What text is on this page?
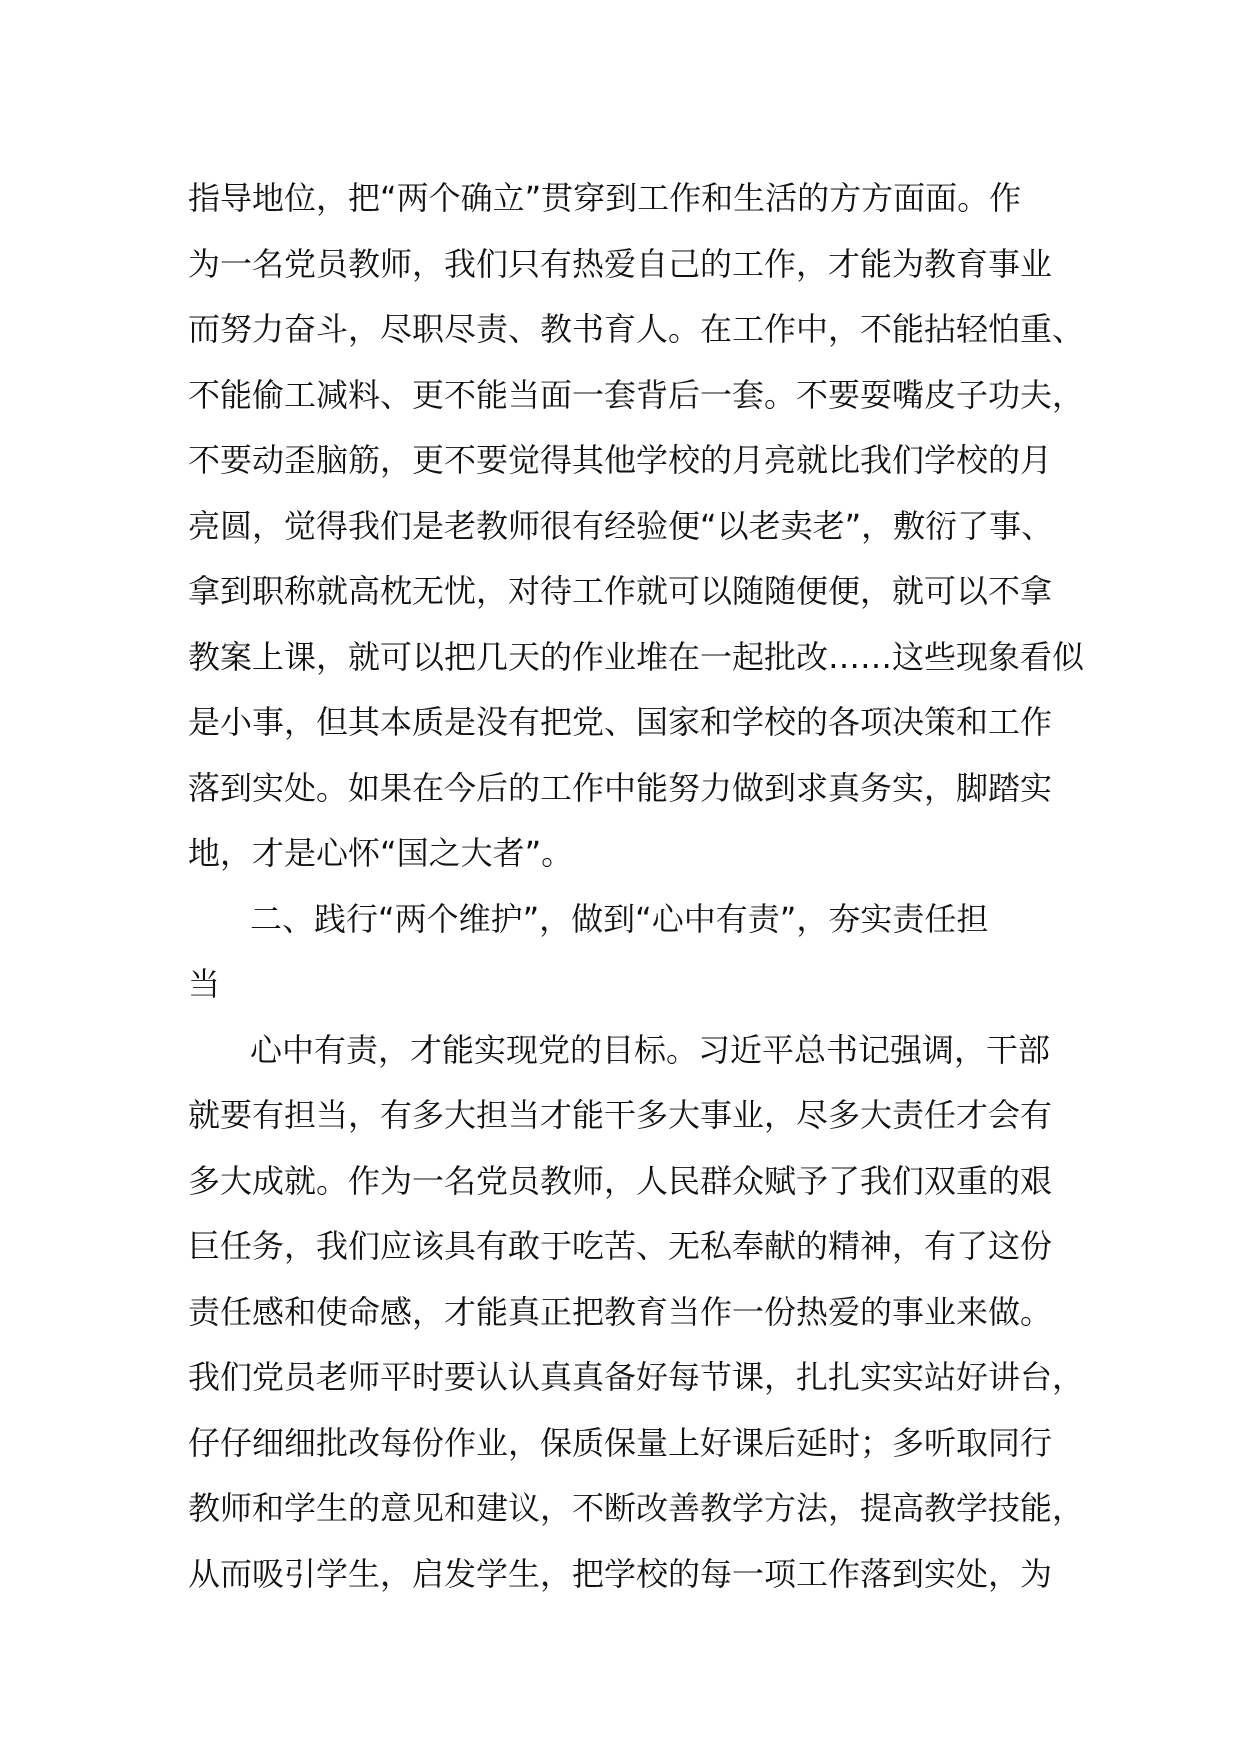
指导地位，把“两个确立”贯穿到工作和生活的方方面面。作
为一名党员教师，我们只有热爱自己的工作，才能为教育事业
而努力奋斗，尽职尽责、教书育人。在工作中，不能拈轻怕重、
不能偷工减料、更不能当面一套背后一套。不要耍嘴皮子功夫，
不要动歪脑筋，更不要觉得其他学校的月亮就比我们学校的月
亮圆，觉得我们是老教师很有经验便“以老卖老”，敷衍了事、
拿到职称就高枕无忧，对待工作就可以随随便便，就可以不拿
教案上课，就可以把几天的作业堆在一起批改……这些现象看似
是小事，但其本质是没有把党、国家和学校的各项决策和工作
落到实处。如果在今后的工作中能努力做到求真务实，脚踏实
地，才是心怀“国之大者”。
二、践行“两个维护”，做到“心中有责”，夯实责任担
当
心中有责，才能实现党的目标。习近平总书记强调，干部
就要有担当，有多大担当才能干多大事业，尽多大责任才会有
多大成就。作为一名党员教师，人民群众赋予了我们双重的艰
巨任务，我们应该具有敢于吃苦、无私奉献的精神，有了这份
责任感和使命感，才能真正把教育当作一份热爱的事业来做。
我们党员老师平时要认认真真备好每节课，扎扎实实站好讲台，
仔仔细细批改每份作业，保质保量上好课后延时；多听取同行
教师和学生的意见和建议，不断改善教学方法，提高教学技能，
从而吸引学生，启发学生，把学校的每一项工作落到实处，为
